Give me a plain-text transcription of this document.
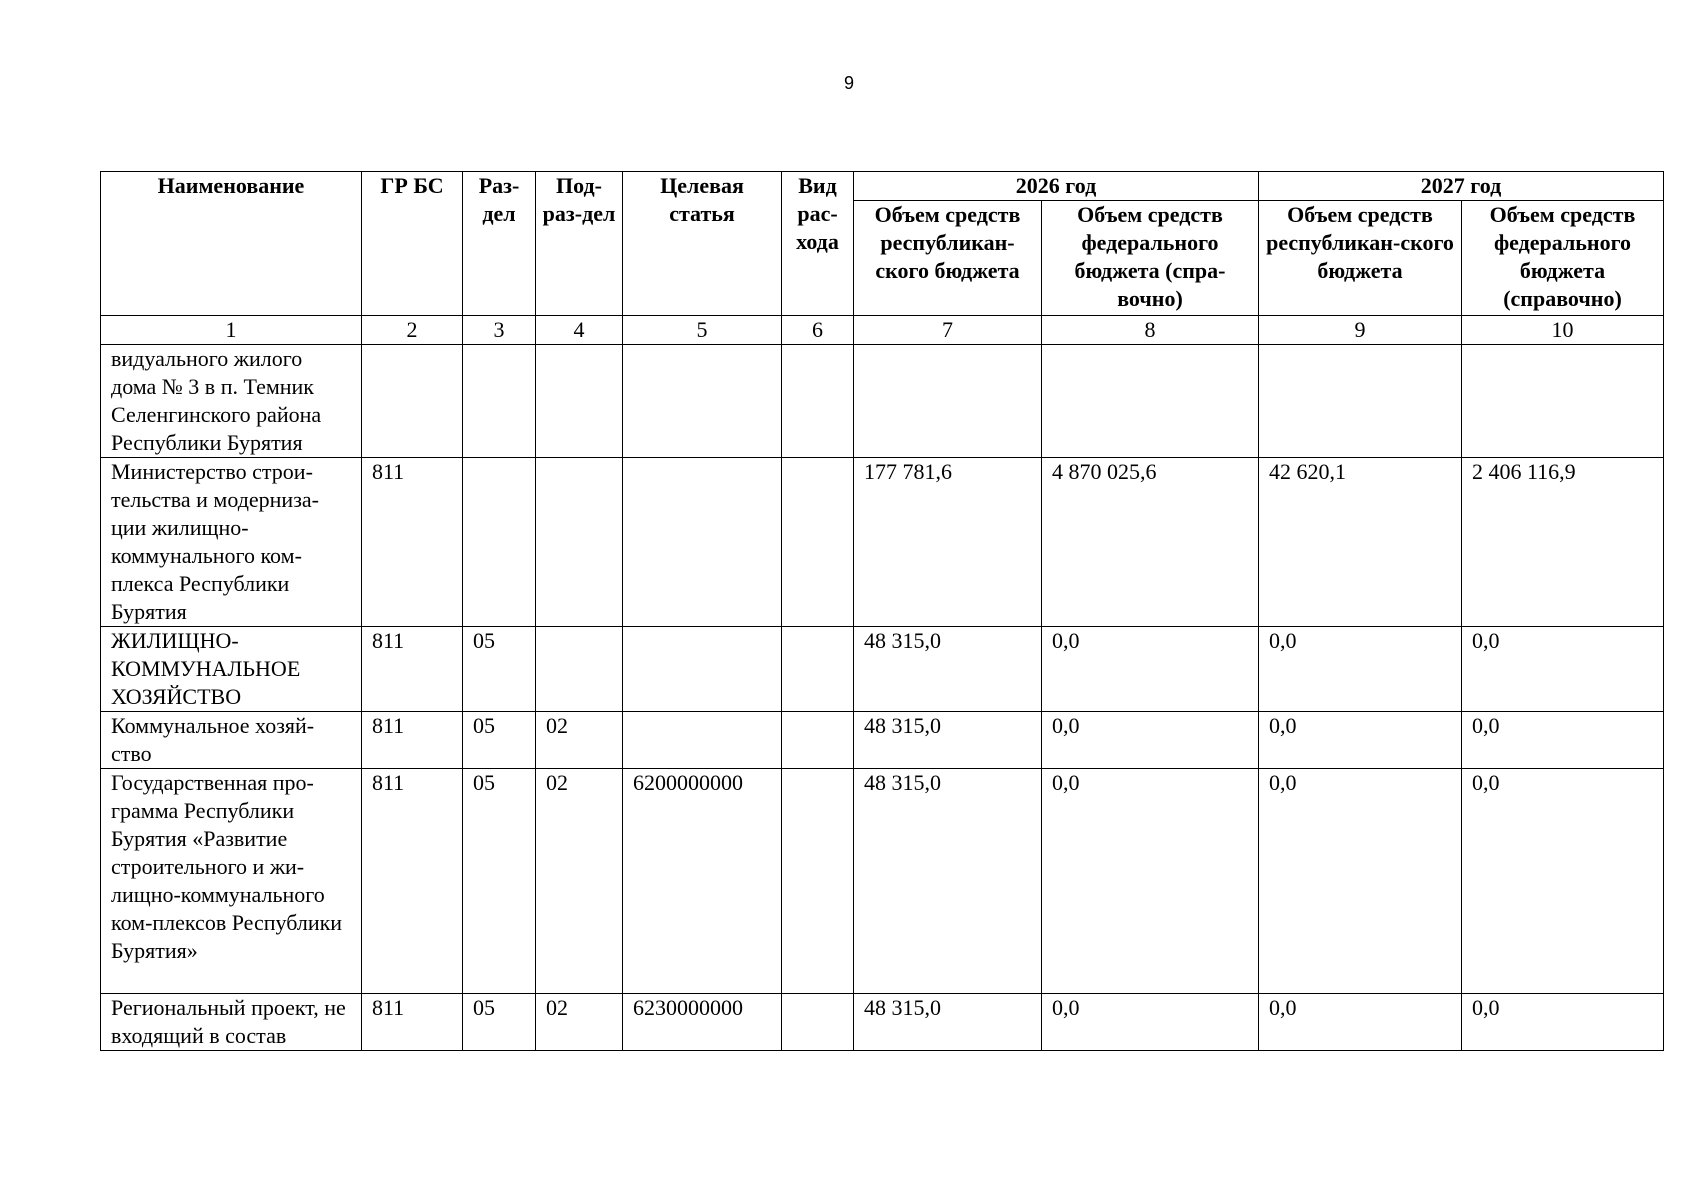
9
Наименование	ГР БС	Раз-дел	Под-раз-дел	Целевая статья	Вид рас-хода	2026 год		2027 год	
						Объем средств республикан-ского бюджета	Объем средств федерального бюджета (спра-вочно)	Объем средств республикан-ского бюджета	Объем средств федерального бюджета (справочно)
1	2	3	4	5	6	7	8	9	10
видуального жилого дома № 3 в п. Темник Селенгинского района Республики Бурятия									
Министерство строи-тельства и модерниза-ции жилищно-коммунального ком-плекса Республики Бурятия	811					177 781,6	4 870 025,6	42 620,1	2 406 116,9
ЖИЛИЩНО-КОММУНАЛЬНОЕ ХОЗЯЙСТВО	811	05				48 315,0	0,0	0,0	0,0
Коммунальное хозяй-ство	811	05	02			48 315,0	0,0	0,0	0,0
Государственная про-грамма Республики Бурятия «Развитие строительного и жи-лищно-коммунального ком-плексов Республики Бурятия»	811	05	02	6200000000		48 315,0	0,0	0,0	0,0
Региональный проект, не входящий в состав	811	05	02	6230000000		48 315,0	0,0	0,0	0,0
